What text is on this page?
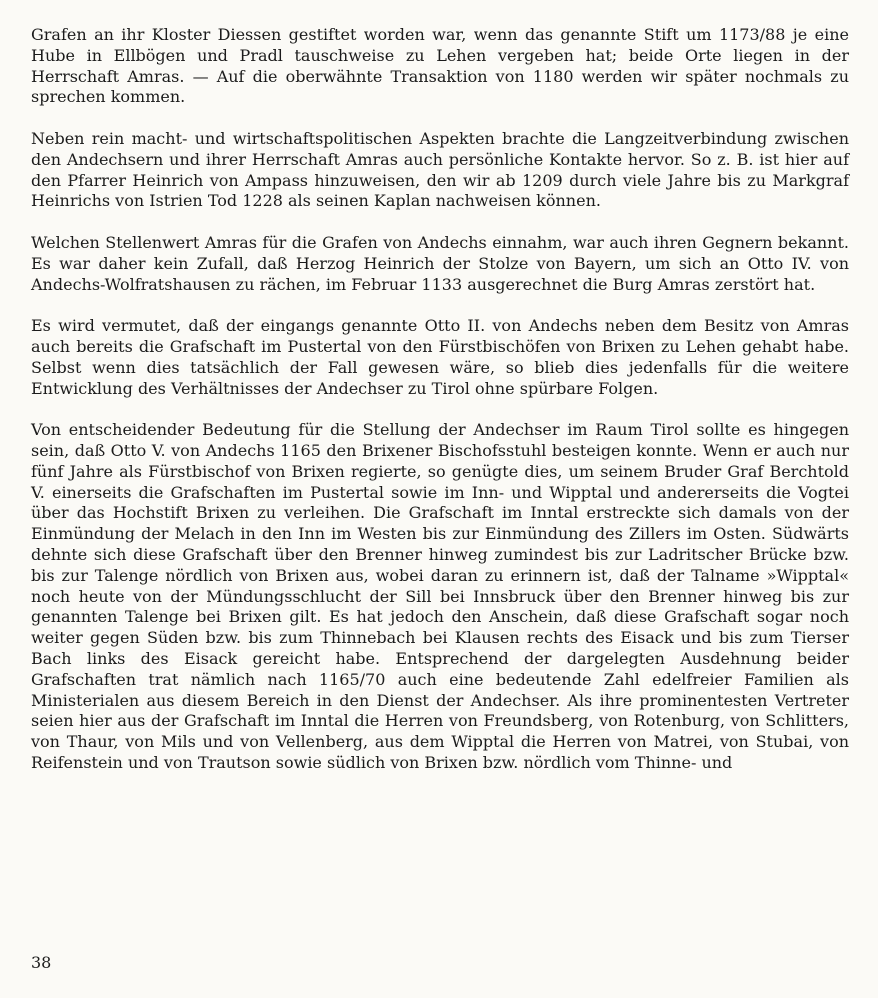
Grafen an ihr Kloster Diessen gestiftet worden war, wenn das genannte Stift um 1173/88 je eine Hube in Ellbögen und Pradl tauschweise zu Lehen vergeben hat; beide Orte liegen in der Herrschaft Amras. — Auf die oberwähnte Transaktion von 1180 werden wir später nochmals zu sprechen kommen.

Neben rein macht- und wirtschaftspolitischen Aspekten brachte die Langzeitverbindung zwischen den Andechsern und ihrer Herrschaft Amras auch persönliche Kontakte hervor. So z. B. ist hier auf den Pfarrer Heinrich von Ampass hinzuweisen, den wir ab 1209 durch viele Jahre bis zu Markgraf Heinrichs von Istrien Tod 1228 als seinen Kaplan nachweisen können.

Welchen Stellenwert Amras für die Grafen von Andechs einnahm, war auch ihren Gegnern bekannt. Es war daher kein Zufall, daß Herzog Heinrich der Stolze von Bayern, um sich an Otto IV. von Andechs-Wolfratshausen zu rächen, im Februar 1133 ausgerechnet die Burg Amras zerstört hat.

Es wird vermutet, daß der eingangs genannte Otto II. von Andechs neben dem Besitz von Amras auch bereits die Grafschaft im Pustertal von den Fürstbischöfen von Brixen zu Lehen gehabt habe. Selbst wenn dies tatsächlich der Fall gewesen wäre, so blieb dies jedenfalls für die weitere Entwicklung des Verhältnisses der Andechser zu Tirol ohne spürbare Folgen.

Von entscheidender Bedeutung für die Stellung der Andechser im Raum Tirol sollte es hingegen sein, daß Otto V. von Andechs 1165 den Brixener Bischofsstuhl besteigen konnte. Wenn er auch nur fünf Jahre als Fürstbischof von Brixen regierte, so genügte dies, um seinem Bruder Graf Berchtold V. einerseits die Grafschaften im Pustertal sowie im Inn- und Wipptal und andererseits die Vogtei über das Hochstift Brixen zu verleihen. Die Grafschaft im Inntal erstreckte sich damals von der Einmündung der Melach in den Inn im Westen bis zur Einmündung des Zillers im Osten. Südwärts dehnte sich diese Grafschaft über den Brenner hinweg zumindest bis zur Ladritscher Brücke bzw. bis zur Talenge nördlich von Brixen aus, wobei daran zu erinnern ist, daß der Talname »Wipptal« noch heute von der Mündungsschlucht der Sill bei Innsbruck über den Brenner hinweg bis zur genannten Talenge bei Brixen gilt. Es hat jedoch den Anschein, daß diese Grafschaft sogar noch weiter gegen Süden bzw. bis zum Thinnebach bei Klausen rechts des Eisack und bis zum Tierser Bach links des Eisack gereicht habe. Entsprechend der dargelegten Ausdehnung beider Grafschaften trat nämlich nach 1165/70 auch eine bedeutende Zahl edelfreier Familien als Ministerialen aus diesem Bereich in den Dienst der Andechser. Als ihre prominentesten Vertreter seien hier aus der Grafschaft im Inntal die Herren von Freundsberg, von Rotenburg, von Schlitters, von Thaur, von Mils und von Vellenberg, aus dem Wipptal die Herren von Matrei, von Stubai, von Reifenstein und von Trautson sowie südlich von Brixen bzw. nördlich vom Thinne- und

38
